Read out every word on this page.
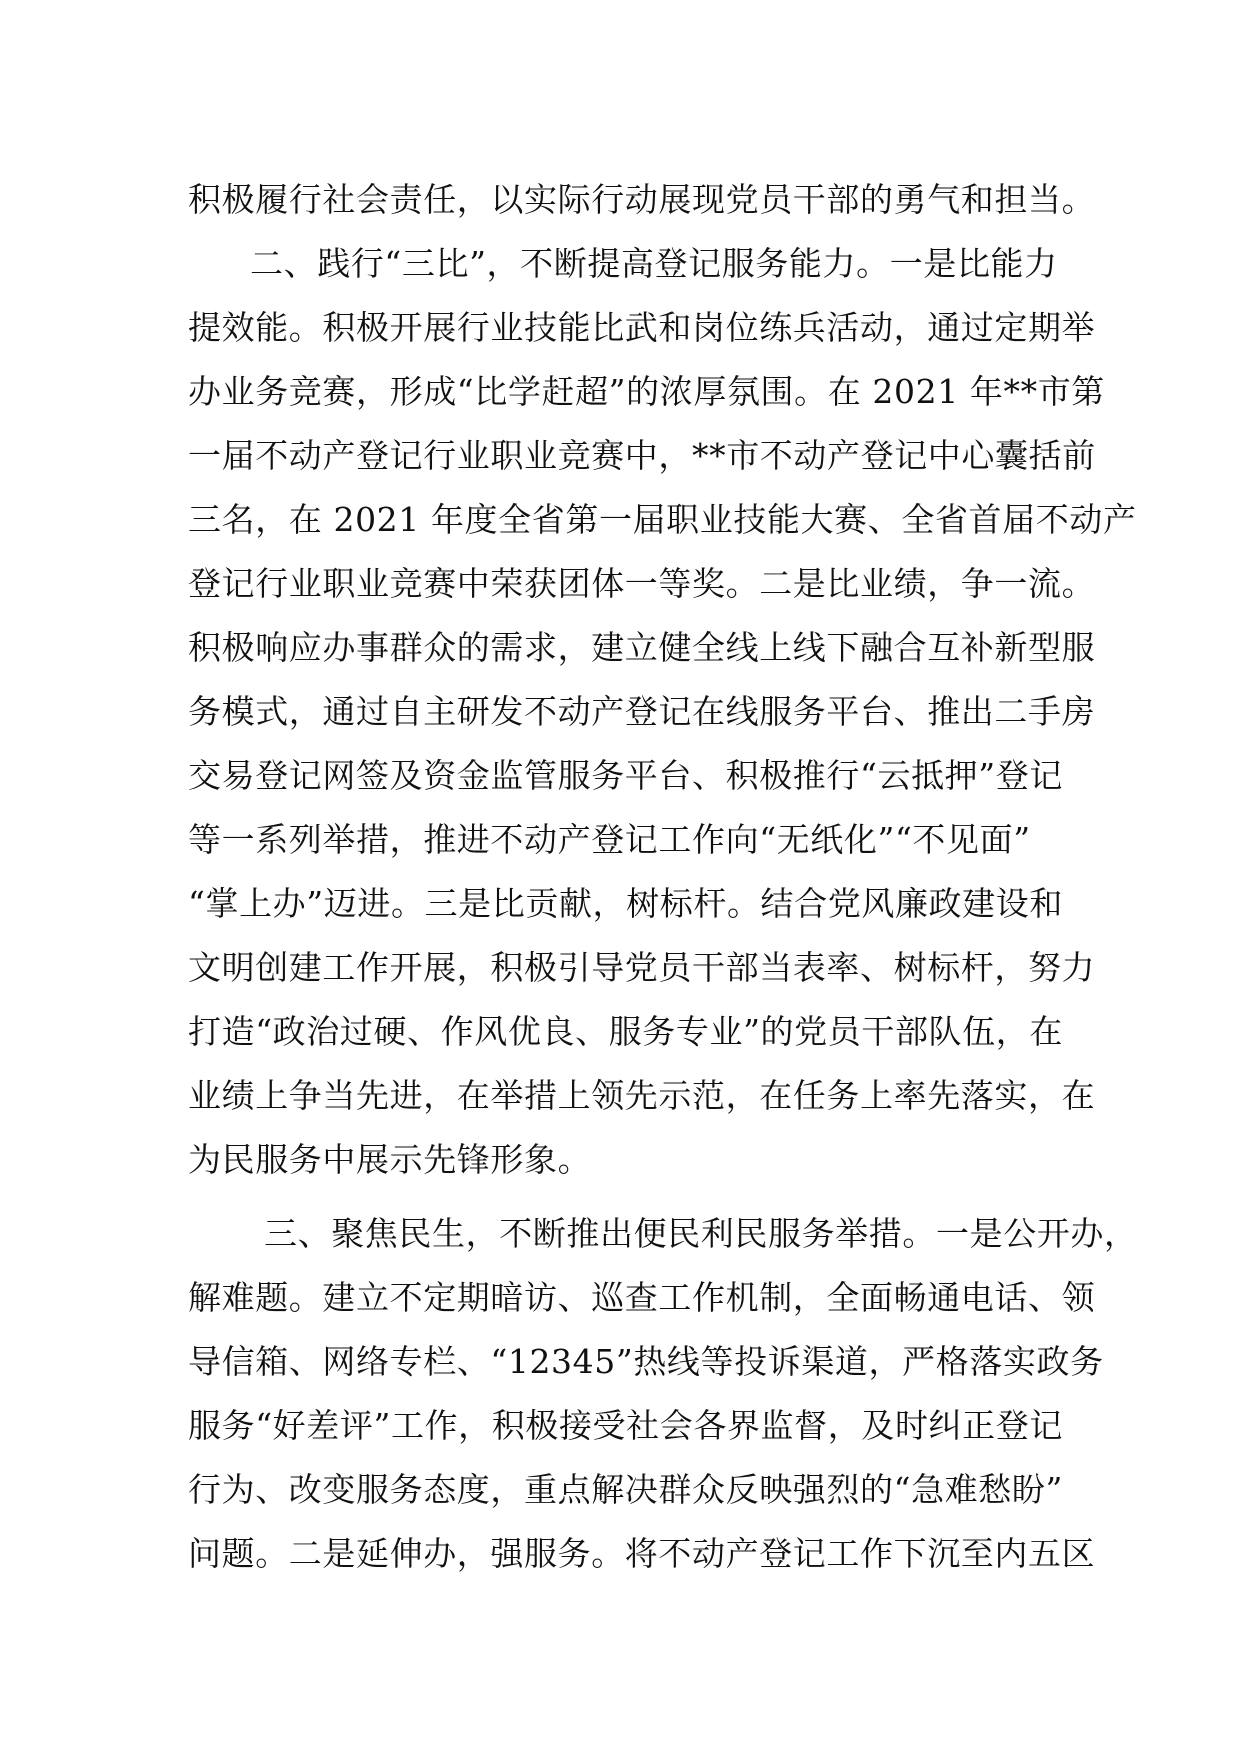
积极履行社会责任，以实际行动展现党员干部的勇气和担当。
二、践行“三比”，不断提高登记服务能力。一是比能力
提效能。积极开展行业技能比武和岗位练兵活动，通过定期举
办业务竞赛，形成“比学赶超”的浓厚氛围。在 2021 年**市第
一届不动产登记行业职业竞赛中，**市不动产登记中心囊括前
三名，在 2021 年度全省第一届职业技能大赛、全省首届不动产
登记行业职业竞赛中荣获团体一等奖。二是比业绩，争一流。
积极响应办事群众的需求，建立健全线上线下融合互补新型服
务模式，通过自主研发不动产登记在线服务平台、推出二手房
交易登记网签及资金监管服务平台、积极推行“云抵押”登记
等一系列举措，推进不动产登记工作向“无纸化”“不见面”
“掌上办”迈进。三是比贡献，树标杆。结合党风廉政建设和
文明创建工作开展，积极引导党员干部当表率、树标杆，努力
打造“政治过硬、作风优良、服务专业”的党员干部队伍，在
业绩上争当先进，在举措上领先示范，在任务上率先落实，在
为民服务中展示先锋形象。
三、聚焦民生，不断推出便民利民服务举措。一是公开办，
解难题。建立不定期暗访、巡查工作机制，全面畅通电话、领
导信箱、网络专栏、“12345”热线等投诉渠道，严格落实政务
服务“好差评”工作，积极接受社会各界监督，及时纠正登记
行为、改变服务态度，重点解决群众反映强烈的“急难愁盼”
问题。二是延伸办，强服务。将不动产登记工作下沉至内五区
